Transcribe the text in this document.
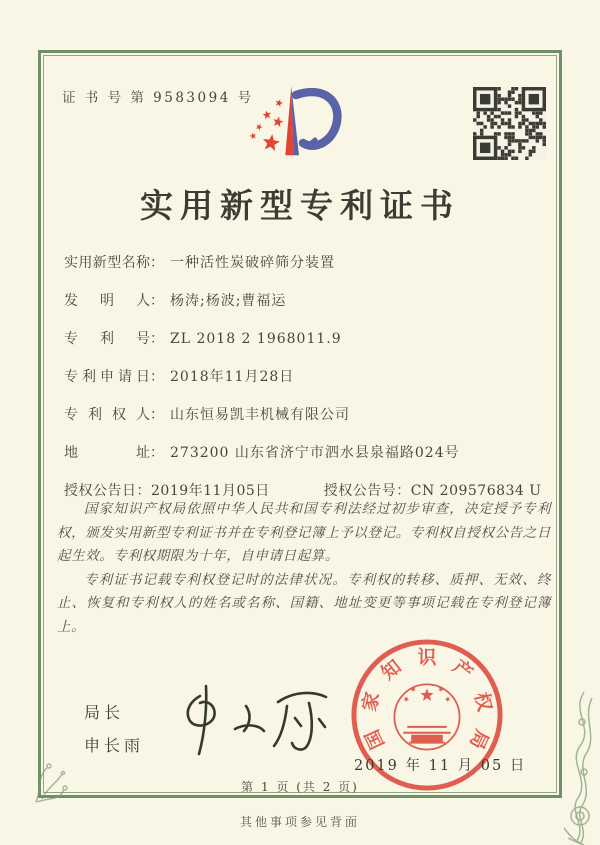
证 书 号 第 9583094 号
实用新型专利证书
实用新型名称： 一种活性炭破碎筛分装置
发明人： 杨涛;杨波;曹福运
专利号： ZL 2018 2 1968011.9
专利申请日： 2018年11月28日
专利权人： 山东恒易凯丰机械有限公司
地址： 273200 山东省济宁市泗水县泉福路024号
授权公告日：2019年11月05日	授权公告号：CN 209576834 U

国家知识产权局依照中华人民共和国专利法经过初步审查，决定授予专利权，颁发实用新型专利证书并在专利登记簿上予以登记。专利权自授权公告之日起生效。专利权期限为十年，自申请日起算。

专利证书记载专利权登记时的法律状况。专利权的转移、质押、无效、终止、恢复和专利权人的姓名或名称、国籍、地址变更等事项记载在专利登记簿上。

局长
申长雨	国
家
知 识 产
权
局
2019 年 11 月 05 日
第 1 页 (共 2 页)
其他事项参见背面
